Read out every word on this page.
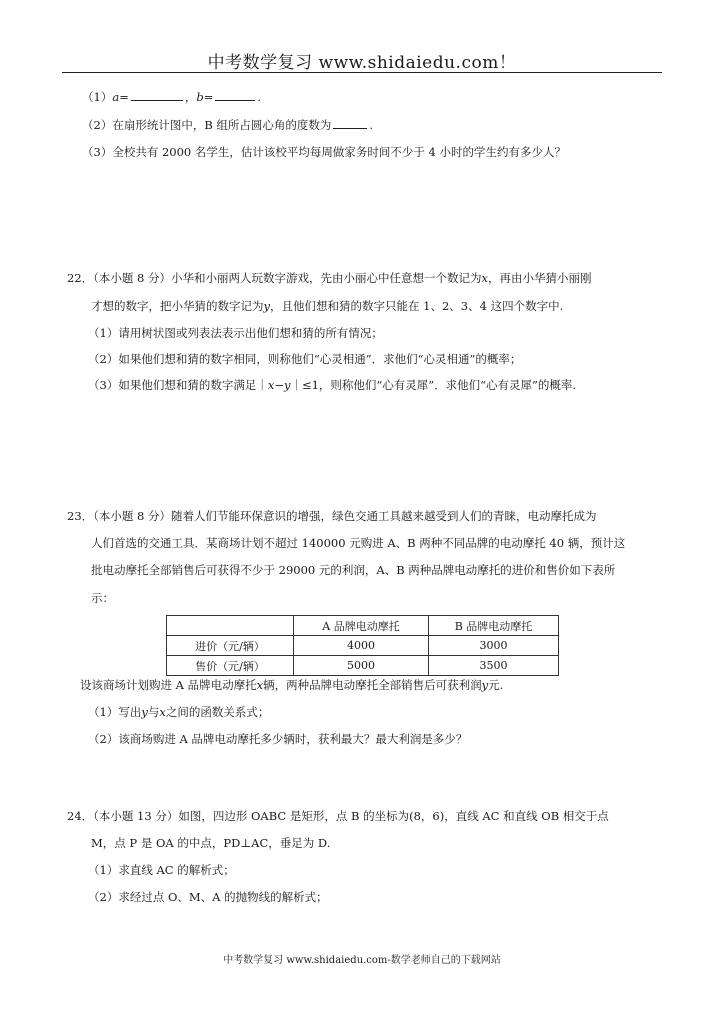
中考数学复习 www.shidaiedu.com！
（1）a=	，b=	.
（2）在扇形统计图中，B 组所占圆心角的度数为	.
（3）全校共有 2000 名学生，估计该校平均每周做家务时间不少于 4 小时的学生约有多少人？
22．（本小题 8 分）小华和小丽两人玩数字游戏，先由小丽心中任意想一个数记为x，再由小华猜小丽刚
才想的数字，把小华猜的数字记为y，且他们想和猜的数字只能在 1、2、3、4 这四个数字中.
（1）请用树状图或列表法表示出他们想和猜的所有情况；
（2）如果他们想和猜的数字相同，则称他们“心灵相通”．求他们“心灵相通”的概率；
（3）如果他们想和猜的数字满足｜x−y｜≤1，则称他们“心有灵犀”．求他们“心有灵犀”的概率.
23．（本小题 8 分）随着人们节能环保意识的增强，绿色交通工具越来越受到人们的青睐，电动摩托成为
人们首选的交通工具．某商场计划不超过 140000 元购进 A、B 两种不同品牌的电动摩托 40 辆，预计这
批电动摩托全部销售后可获得不少于 29000 元的利润，A、B 两种品牌电动摩托的进价和售价如下表所
示：
	A 品牌电动摩托	B 品牌电动摩托
进价（元/辆）	4000	3000
售价（元/辆）	5000	3500
设该商场计划购进 A 品牌电动摩托x辆，两种品牌电动摩托全部销售后可获利润y元.
（1）写出y与x之间的函数关系式；
（2）该商场购进 A 品牌电动摩托多少辆时，获利最大？最大利润是多少？
24．（本小题 13 分）如图，四边形 OABC 是矩形，点 B 的坐标为(8，6)，直线 AC 和直线 OB 相交于点
M，点 P 是 OA 的中点，PD⊥AC，垂足为 D.
（1）求直线 AC 的解析式；
（2）求经过点 O、M、A 的抛物线的解析式；
中考数学复习 www.shidaiedu.com-数学老师自己的下载网站
